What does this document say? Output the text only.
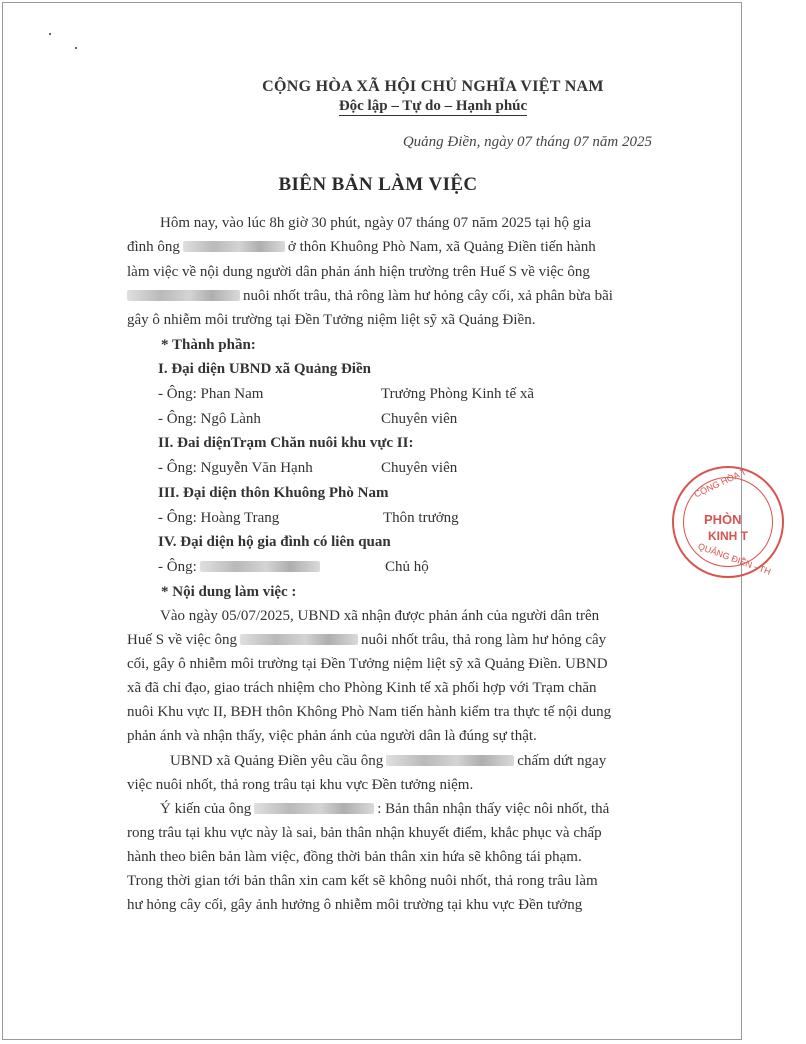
CỘNG HÒA XÃ HỘI CHỦ NGHĨA VIỆT NAM
Độc lập – Tự do – Hạnh phúc
Quảng Điền, ngày 07 tháng 07 năm 2025
BIÊN BẢN LÀM VIỆC
Hôm nay, vào lúc 8h giờ 30 phút, ngày 07 tháng 07 năm 2025 tại hộ gia
đình ông	ở thôn Khuông Phò Nam, xã Quảng Điền tiến hành
làm việc về nội dung người dân phản ánh hiện trường trên Huế S về việc ông
nuôi nhốt trâu, thả rông làm hư hỏng cây cối, xả phân bừa bãi
gây ô nhiễm môi trường tại Đền Tưởng niệm liệt sỹ xã Quảng Điền.
* Thành phần:
I. Đại diện UBND xã Quảng Điền
- Ông: Phan Nam	Trưởng Phòng Kinh tế xã
- Ông: Ngô Lành	Chuyên viên
II. Đai diệnTrạm Chăn nuôi khu vực II:
- Ông: Nguyễn Văn Hạnh	Chuyên viên
III. Đại diện thôn Khuông Phò Nam
- Ông: Hoàng Trang	Thôn trưởng
IV. Đại diện hộ gia đình có liên quan
- Ông:	Chủ hộ
* Nội dung làm việc :
Vào ngày 05/07/2025, UBND xã nhận được phản ánh của người dân trên
Huế S về việc ông	nuôi nhốt trâu, thả rong làm hư hỏng cây
cối, gây ô nhiễm môi trường tại Đền Tưởng niệm liệt sỹ xã Quảng Điền. UBND
xã đã chỉ đạo, giao trách nhiệm cho Phòng Kinh tế xã phối hợp với Trạm chăn
nuôi Khu vực II, BĐH thôn Không Phò Nam tiến hành kiểm tra thực tế nội dung
phản ánh và nhận thấy, việc phản ánh của người dân là đúng sự thật.
UBND xã Quảng Điền yêu cầu ông	chấm dứt ngay
việc nuôi nhốt, thả rong trâu tại khu vực Đền tưởng niệm.
Ý kiến của ông	: Bản thân nhận thấy việc nôi nhốt, thả
rong trâu tại khu vực này là sai, bản thân nhận khuyết điểm, khắc phục và chấp
hành theo biên bản làm việc, đồng thời bản thân xin hứa sẽ không tái phạm.
Trong thời gian tới bản thân xin cam kết sẽ không nuôi nhốt, thả rong trâu làm
hư hỏng cây cối, gây ảnh hưởng ô nhiễm môi trường tại khu vực Đền tưởng
CỘNG HÒA T
PHÒN
KINH T
QUẢNG ĐIỀN - TH
